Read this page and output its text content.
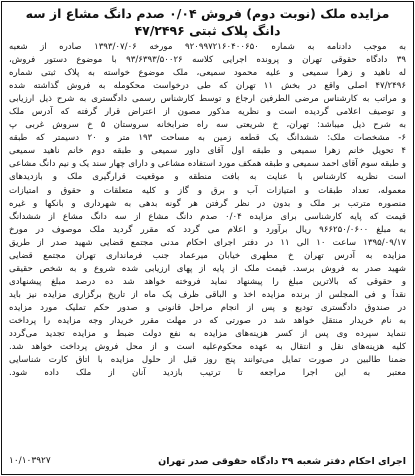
مزایده ملک (نوبت دوم) فروش ۰/۰۴ صدم دانگ مشاع از سه
دانگ پلاک ثبتی ۴۷/۲۴۹۶
به موجب دادنامه به شماره ۹۲۰۹۹۷۲۱۶۰۴۰۰۶۵۰ مورخه ۱۳۹۳/۰۷/۰۶ صادره از شعبه
۳۹ دادگاه حقوقی تهران و پرونده اجرایی کلاسه ۹۳/۶۳۹۳/۵۰۰۲۶ با موضوع دستور فروش،
له ناهید و زهرا سمیعی و علیه محمود سمیعی، ملک موضوع خواسته به پلاک ثبتی شماره
۴۷/۲۴۹۶ اصلی واقع در بخش ۱۱ تهران که طی درخواست محکومله به فروش گذاشته شده
و مراتب به کارشناس مرضی الطرفین ارجاع و توسط کارشناس رسمی دادگستری به شرح ذیل ارزیابی
و توصیف اعلامی گردیده است و نظریه مذکور مصون از اعتراض قرار گرفته که آدرس ملک
به شرح ذیل میباشد: تهران، خ شریعتی سه راه ضرابخانه سروستان ۵ خ سروش غربی پ
۶- مشخصات ملک: ششدانگ یک قطعه زمین به مساحت ۱۹۳ متر و ۲۰ دسیمتر که طبقه
۴ تحویل خانم زهرا سمیعی و طبقه اول آقای داور سمیعی و طبقه دوم خانم ناهید سمیعی
و طبقه سوم آقای احمد سمیعی و طبقه همکف مورد استفاده مشاعی و دارای چهار سند یک و نیم دانگ مشاعی
است نظریه کارشناس با عنایت به بافت منطقه و موقعیت قرارگیری ملک و بازدیدهای
معموله، تعداد طبقات و امتیازات آب و برق و گاز و کلیه متعلقات و حقوق و امتیازات
منصوره مترتب بر ملک و بدون در نظر گرفتن هر گونه بدهی به شهرداری و بانکها و غیره
قیمت که پایه کارشناسی برای مزایده ۰/۰۴ صدم دانگ مشاع از سه دانگ مشاع از ششدانگ
به مبلغ ۹۶۶۲۵۰/۰۶۰۰ ریال برآورد و اعلام می گردد که مقرر گردید ملک موصوف در مورخ
۱۳۹۵/۰۹/۱۷ ساعت ۱۰ الی ۱۱ در دفتر اجرای احکام مدنی مجتمع قضایی شهید صدر از طریق
مزایده به آدرس تهران خ مطهری خیابان میرعماد جنب فرمانداری تهران مجتمع قضایی
شهید صدر به فروش برسد. قیمت ملک از پایه از پهای ارزیابی شده شروع و به شخص حقیقی
و حقوقی که بالاترین مبلغ را پیشنهاد نماید فروخته خواهد شد ده درصد مبلغ پیشنهادی
نقداً و فی المجلس از برنده مزایده اخذ و الباقی ظرف یک ماه از تاریخ برگزاری مزایده نیز باید
در صندوق دادگستری تودیع و پس از انجام مراحل قانونی و صدور حکم تملیک مورد مزایده
به نام خریدار منتقل خواهد شد در صورتی که در مهلت مقرر خریدار وجه مزایده را پرداخت
ننماید سپرده وی پس از کسر هزینه‌های مزایده به نفع دولت ضبط و مزایده تجدید می‌گردد
کلیه هزینه‌های نقل و انتقال به عهده محکوم‌علیه است و از محل فروش پرداخت خواهد شد.
ضمنا طالبین در صورت تمایل می‌توانند پنج روز قبل از حلول مزایده با اتاق کارت شناسایی
معتبر به این اجرا مراجعه تا ترتیب بازدید آنان از ملک داده شود.
اجرای احکام دفتر شعبه ۳۹ دادگاه حقوقی صدر تهران
۱۰/۱۰۳۹۲۷
